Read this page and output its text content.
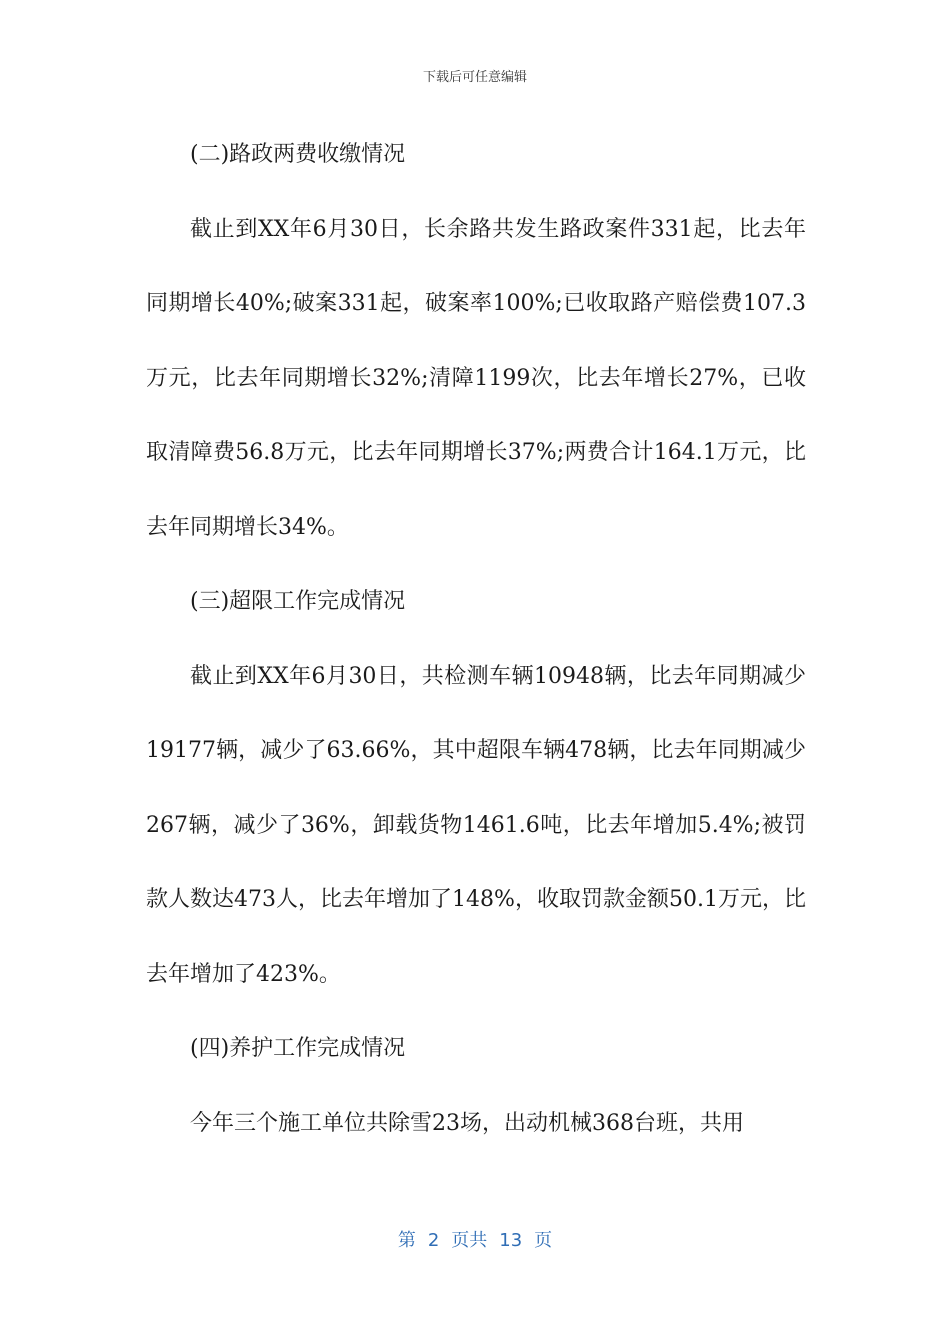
下载后可任意编辑

(二)路政两费收缴情况

截止到XX年6月30日，长余路共发生路政案件331起，比去年同期增长40%;破案331起，破案率100%;已收取路产赔偿费107.3万元，比去年同期增长32%;清障1199次，比去年增长27%，已收取清障费56.8万元，比去年同期增长37%;两费合计164.1万元，比去年同期增长34%。

(三)超限工作完成情况

截止到XX年6月30日，共检测车辆10948辆，比去年同期减少19177辆，减少了63.66%，其中超限车辆478辆，比去年同期减少267辆，减少了36%，卸载货物1461.6吨，比去年增加5.4%;被罚款人数达473人，比去年增加了148%，收取罚款金额50.1万元，比去年增加了423%。

(四)养护工作完成情况

今年三个施工单位共除雪23场，出动机械368台班，共用

第 2 页共 13 页
